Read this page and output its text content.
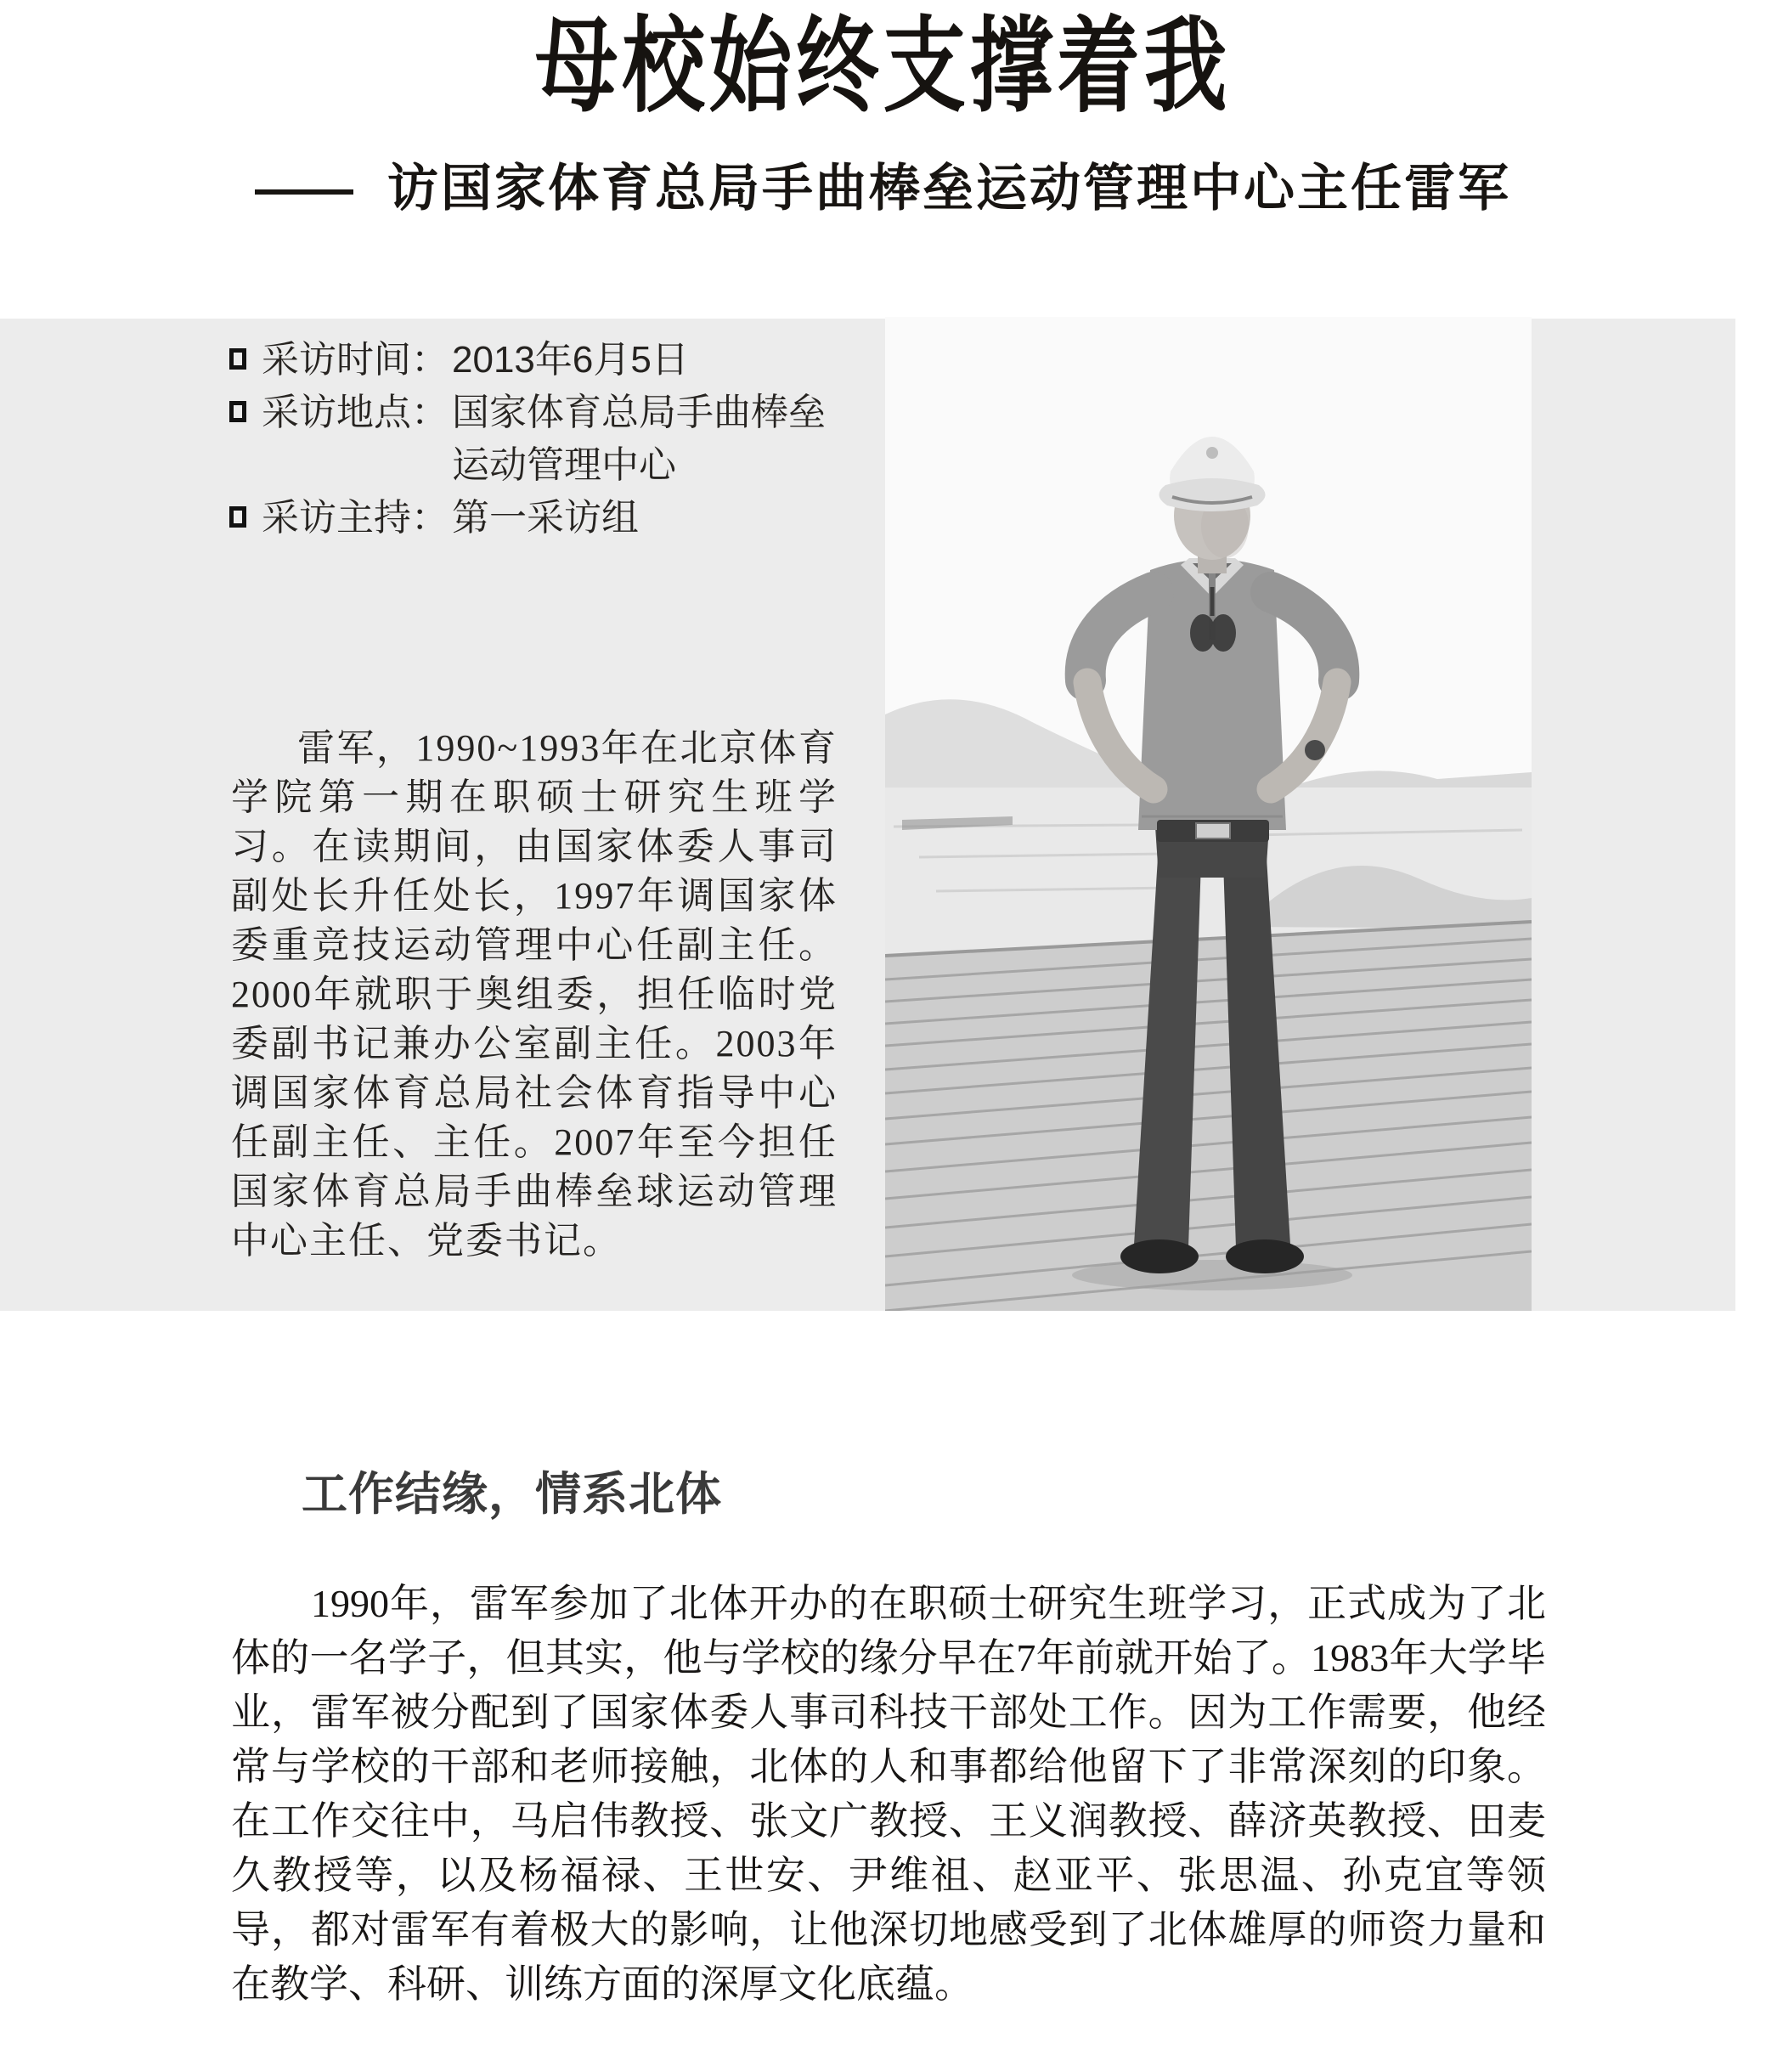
母校始终支撑着我
—— 访国家体育总局手曲棒垒运动管理中心主任雷军
采访时间： 2013年6月5日
采访地点： 国家体育总局手曲棒垒运动管理中心
采访主持： 第一采访组

雷军，1990~1993年在北京体育学院第一期在职硕士研究生班学习。在读期间，由国家体委人事司副处长升任处长，1997年调国家体委重竞技运动管理中心任副主任。2000年就职于奥组委，担任临时党委副书记兼办公室副主任。2003年调国家体育总局社会体育指导中心任副主任、主任。2007年至今担任国家体育总局手曲棒垒球运动管理中心主任、党委书记。

工作结缘，情系北体

1990年，雷军参加了北体开办的在职硕士研究生班学习，正式成为了北体的一名学子，但其实，他与学校的缘分早在7年前就开始了。1983年大学毕业，雷军被分配到了国家体委人事司科技干部处工作。因为工作需要，他经常与学校的干部和老师接触，北体的人和事都给他留下了非常深刻的印象。在工作交往中，马启伟教授、张文广教授、王义润教授、薛济英教授、田麦久教授等，以及杨福禄、王世安、尹维祖、赵亚平、张思温、孙克宜等领导，都对雷军有着极大的影响，让他深切地感受到了北体雄厚的师资力量和在教学、科研、训练方面的深厚文化底蕴。
